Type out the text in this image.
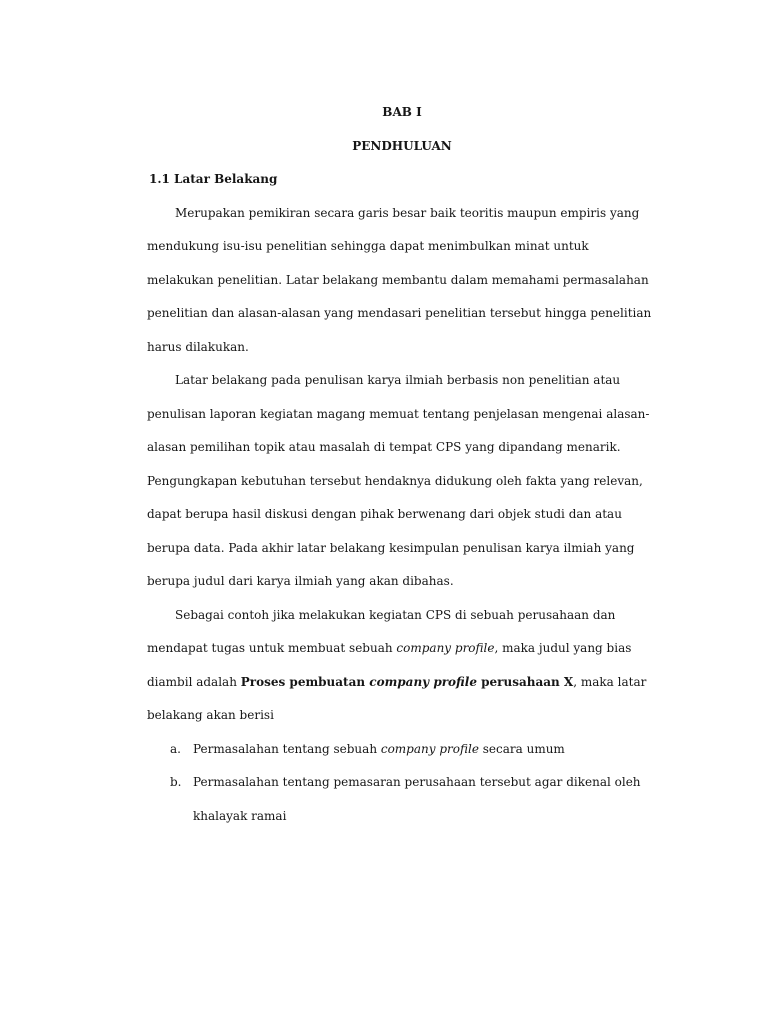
BAB I
PENDHULUAN
1.1 Latar Belakang
Merupakan pemikiran secara garis besar baik teoritis maupun empiris yang
mendukung isu-isu penelitian sehingga dapat menimbulkan minat untuk
melakukan penelitian. Latar belakang membantu dalam memahami permasalahan
penelitian dan alasan-alasan yang mendasari penelitian tersebut hingga penelitian
harus dilakukan.
Latar belakang pada penulisan karya ilmiah berbasis non penelitian atau
penulisan laporan kegiatan magang memuat tentang penjelasan mengenai alasan-
alasan pemilihan topik atau masalah di tempat CPS yang dipandang menarik.
Pengungkapan kebutuhan tersebut hendaknya didukung oleh fakta yang relevan,
dapat berupa hasil diskusi dengan pihak berwenang dari objek studi dan atau
berupa data. Pada akhir latar belakang kesimpulan penulisan karya ilmiah yang
berupa judul dari karya ilmiah yang akan dibahas.
Sebagai contoh jika melakukan kegiatan CPS di sebuah perusahaan dan
mendapat tugas untuk membuat sebuah company profile, maka judul yang bias
diambil adalah Proses pembuatan company profile perusahaan X, maka latar
belakang akan berisi
a. Permasalahan tentang sebuah company profile secara umum
b. Permasalahan tentang pemasaran perusahaan tersebut agar dikenal oleh
khalayak ramai
